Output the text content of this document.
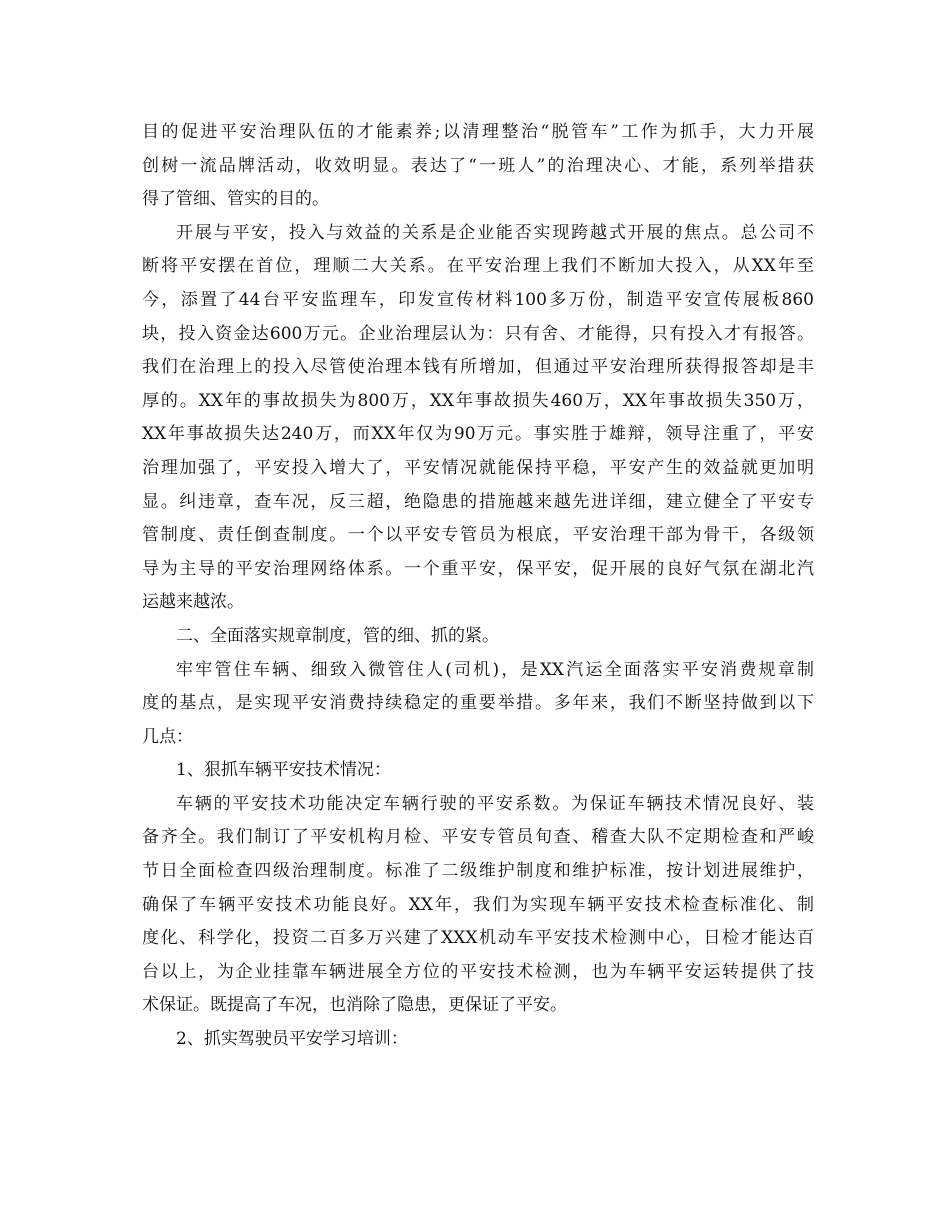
目的促进平安治理队伍的才能素养;以清理整治“脱管车”工作为抓手，大力开展
创树一流品牌活动，收效明显。表达了“一班人”的治理决心、才能，系列举措获
得了管细、管实的目的。
开展与平安，投入与效益的关系是企业能否实现跨越式开展的焦点。总公司不
断将平安摆在首位，理顺二大关系。在平安治理上我们不断加大投入，从XX年至
今，添置了44台平安监理车，印发宣传材料100多万份，制造平安宣传展板860
块，投入资金达600万元。企业治理层认为：只有舍、才能得，只有投入才有报答。
我们在治理上的投入尽管使治理本钱有所增加，但通过平安治理所获得报答却是丰
厚的。XX年的事故损失为800万，XX年事故损失460万，XX年事故损失350万，
XX年事故损失达240万，而XX年仅为90万元。事实胜于雄辩，领导注重了，平安
治理加强了，平安投入增大了，平安情况就能保持平稳，平安产生的效益就更加明
显。纠违章，查车况，反三超，绝隐患的措施越来越先进详细，建立健全了平安专
管制度、责任倒查制度。一个以平安专管员为根底，平安治理干部为骨干，各级领
导为主导的平安治理网络体系。一个重平安，保平安，促开展的良好气氛在湖北汽
运越来越浓。
二、全面落实规章制度，管的细、抓的紧。
牢牢管住车辆、细致入微管住人(司机)，是XX汽运全面落实平安消费规章制
度的基点，是实现平安消费持续稳定的重要举措。多年来，我们不断坚持做到以下
几点：
1、狠抓车辆平安技术情况：
车辆的平安技术功能决定车辆行驶的平安系数。为保证车辆技术情况良好、装
备齐全。我们制订了平安机构月检、平安专管员旬查、稽查大队不定期检查和严峻
节日全面检查四级治理制度。标准了二级维护制度和维护标准，按计划进展维护，
确保了车辆平安技术功能良好。XX年，我们为实现车辆平安技术检查标准化、制
度化、科学化，投资二百多万兴建了XXX机动车平安技术检测中心，日检才能达百
台以上，为企业挂靠车辆进展全方位的平安技术检测，也为车辆平安运转提供了技
术保证。既提高了车况，也消除了隐患，更保证了平安。
2、抓实驾驶员平安学习培训：
